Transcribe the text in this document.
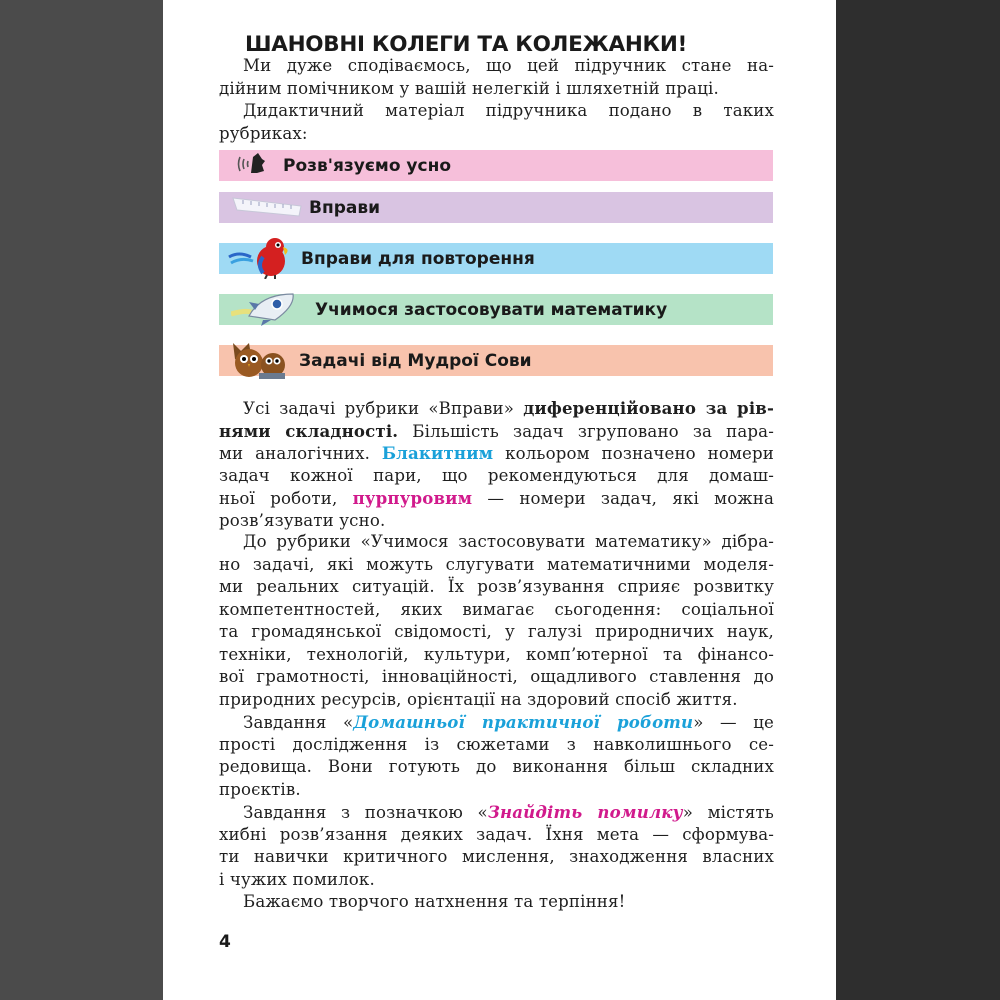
ШАНОВНІ КОЛЕГИ ТА КОЛЕЖАНКИ!
Ми дуже сподіваємось, що цей підручник стане на-
дійним помічником у вашій нелегкій і шляхетній праці.
Дидактичний матеріал підручника подано в таких
рубриках:
Розв'язуємо усно
Вправи
Вправи для повторення
Учимося застосовувати математику
Задачі від Мудрої Сови
Усі задачі рубрики «Вправи» диференційовано за рів-
нями складності. Більшість задач згруповано за пара-
ми аналогічних. Блакитним кольором позначено номери
задач кожної пари, що рекомендуються для домаш-
ньої роботи, пурпуровим — номери задач, які можна
розв’язувати усно.
До рубрики «Учимося застосовувати математику» дібра-
но задачі, які можуть слугувати математичними моделя-
ми реальних ситуацій. Їх розв’язування сприяє розвитку
компетентностей, яких вимагає сьогодення: соціальної
та громадянської свідомості, у галузі природничих наук,
техніки, технологій, культури, комп’ютерної та фінансо-
вої грамотності, інноваційності, ощадливого ставлення до
природних ресурсів, орієнтації на здоровий спосіб життя.
Завдання «Домашньої практичної роботи» — це
прості дослідження із сюжетами з навколишнього се-
редовища. Вони готують до виконання більш складних
проєктів.
Завдання з позначкою «Знайдіть помилку» містять
хибні розв’язання деяких задач. Їхня мета — сформува-
ти навички критичного мислення, знаходження власних
і чужих помилок.
Бажаємо творчого натхнення та терпіння!
4
